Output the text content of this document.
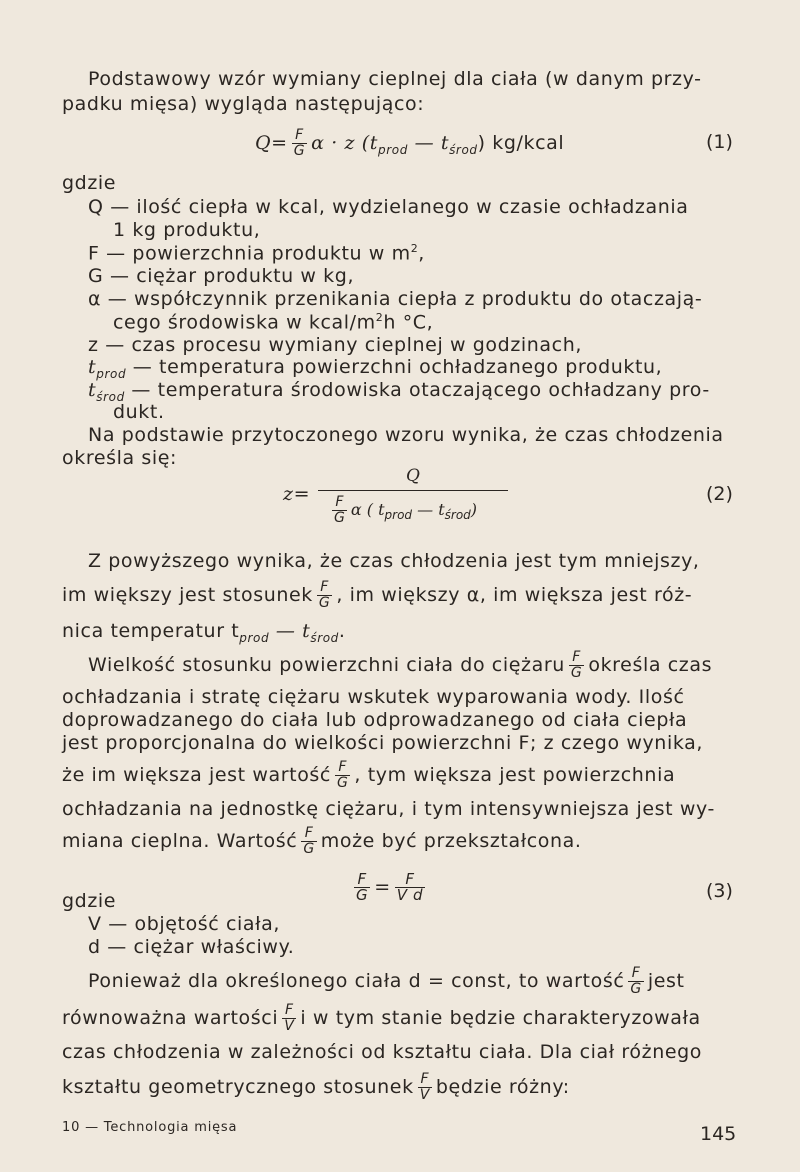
Podstawowy wzór wymiany cieplnej dla ciała (w danym przy-
padku mięsa) wygląda następująco:
$Q= \frac{F}{G}$ α · z ($t_{prod}$ — $t_{środ}$) kg/kcal	(1)
gdzie
Q — ilość ciepła w kcal, wydzielanego w czasie ochładzania
1 kg produktu,
F — powierzchnia produktu w $m^2$,
G — ciężar produktu w kg,
α — współczynnik przenikania ciepła z produktu do otaczają-
cego środowiska w kcal/$m^2h$ °C,
z — czas procesu wymiany cieplnej w godzinach,
$t_{prod}$ — temperatura powierzchni ochładzanego produktu,
$t_{środ}$ — temperatura środowiska otaczającego ochładzany pro-
dukt.
Na podstawie przytoczonego wzoru wynika, że czas chłodzenia
określa się:
z=
Q
$\frac{F}{G}$ α ( $t_{prod}$ — $t_{środ}$)
(2)
Z powyższego wynika, że czas chłodzenia jest tym mniejszy,
im większy jest stosunek $\frac{F}{G}$ , im większy α, im większa jest róż-
nica temperatur $t_{prod}$ — $t_{środ}$.
Wielkość stosunku powierzchni ciała do ciężaru $\frac{F}{G}$ określa czas
ochładzania i stratę ciężaru wskutek wyparowania wody. Ilość
doprowadzanego do ciała lub odprowadzanego od ciała ciepła
jest proporcjonalna do wielkości powierzchni F; z czego wynika,
że im większa jest wartość $\frac{F}{G}$ , tym większa jest powierzchnia
ochładzania na jednostkę ciężaru, i tym intensywniejsza jest wy-
miana cieplna. Wartość $\frac{F}{G}$ może być przekształcona.
$\frac{F}{G} = \frac{F}{\text{V d}}$	(3)
gdzie
V — objętość ciała,
d — ciężar właściwy.
Ponieważ dla określonego ciała d = const, to wartość $\frac{F}{G}$ jest
równoważna wartości $\frac{F}{V}$ i w tym stanie będzie charakteryzowała
czas chłodzenia w zależności od kształtu ciała. Dla ciał różnego
kształtu geometrycznego stosunek $\frac{F}{V}$ będzie różny:
10 — Technologia mięsa	145
